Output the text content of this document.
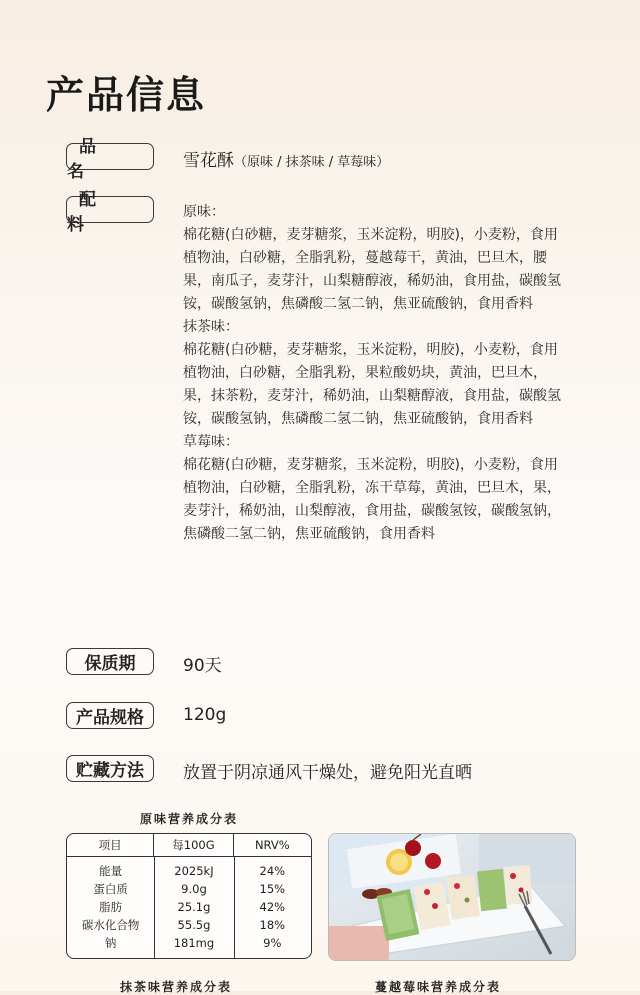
产品信息
品 名
雪花酥（原味 / 抹茶味 / 草莓味）
配 料

原味：

棉花糖(白砂糖，麦芽糖浆，玉米淀粉，明胶)，小麦粉，食用植物油，白砂糖，全脂乳粉，蔓越莓干，黄油，巴旦木，腰果，南瓜子，麦芽汁，山梨糖醇液，稀奶油，食用盐，碳酸氢铵，碳酸氢钠，焦磷酸二氢二钠，焦亚硫酸钠，食用香料

抹茶味：

棉花糖(白砂糖，麦芽糖浆，玉米淀粉，明胶)，小麦粉，食用植物油，白砂糖，全脂乳粉，果粒酸奶块，黄油，巴旦木，果，抹茶粉，麦芽汁，稀奶油，山梨糖醇液，食用盐，碳酸氢铵，碳酸氢钠，焦磷酸二氢二钠，焦亚硫酸钠，食用香料

草莓味：

棉花糖(白砂糖，麦芽糖浆，玉米淀粉，明胶)，小麦粉，食用植物油，白砂糖，全脂乳粉，冻干草莓，黄油，巴旦木，果，麦芽汁，稀奶油，山梨醇液，食用盐，碳酸氢铵，碳酸氢钠，焦磷酸二氢二钠，焦亚硫酸钠，食用香料

保质期	90天
产品规格	120g
贮藏方法	放置于阴凉通风干燥处，避免阳光直晒
原味营养成分表
项目	每100G	NRV%
能量	2025kJ	24%
蛋白质	9.0g	15%
脂肪	25.1g	42%
碳水化合物	55.5g	18%
钠	181mg	9%
抹茶味营养成分表	蔓越莓味营养成分表
